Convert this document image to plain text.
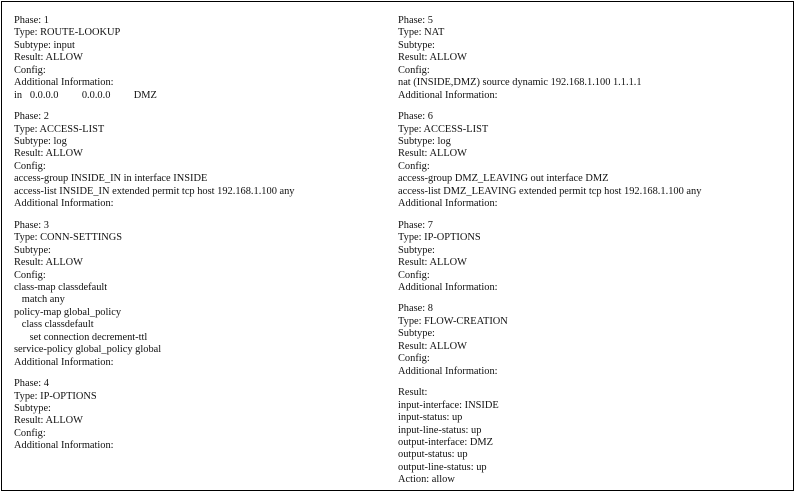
Phase: 1
Type: ROUTE-LOOKUP
Subtype: input
Result: ALLOW
Config:
Additional Information:
in   0.0.0.0         0.0.0.0         DMZ
Phase: 2
Type: ACCESS-LIST
Subtype: log
Result: ALLOW
Config:
access-group INSIDE_IN in interface INSIDE
access-list INSIDE_IN extended permit tcp host 192.168.1.100 any
Additional Information:
Phase: 3
Type: CONN-SETTINGS
Subtype:
Result: ALLOW
Config:
class-map classdefault
match any
policy-map global_policy
class classdefault
set connection decrement-ttl
service-policy global_policy global
Additional Information:
Phase: 4
Type: IP-OPTIONS
Subtype:
Result: ALLOW
Config:
Additional Information:
Phase: 5
Type: NAT
Subtype:
Result: ALLOW
Config:
nat (INSIDE,DMZ) source dynamic 192.168.1.100 1.1.1.1
Additional Information:
Phase: 6
Type: ACCESS-LIST
Subtype: log
Result: ALLOW
Config:
access-group DMZ_LEAVING out interface DMZ
access-list DMZ_LEAVING extended permit tcp host 192.168.1.100 any
Additional Information:
Phase: 7
Type: IP-OPTIONS
Subtype:
Result: ALLOW
Config:
Additional Information:
Phase: 8
Type: FLOW-CREATION
Subtype:
Result: ALLOW
Config:
Additional Information:
Result:
input-interface: INSIDE
input-status: up
input-line-status: up
output-interface: DMZ
output-status: up
output-line-status: up
Action: allow
